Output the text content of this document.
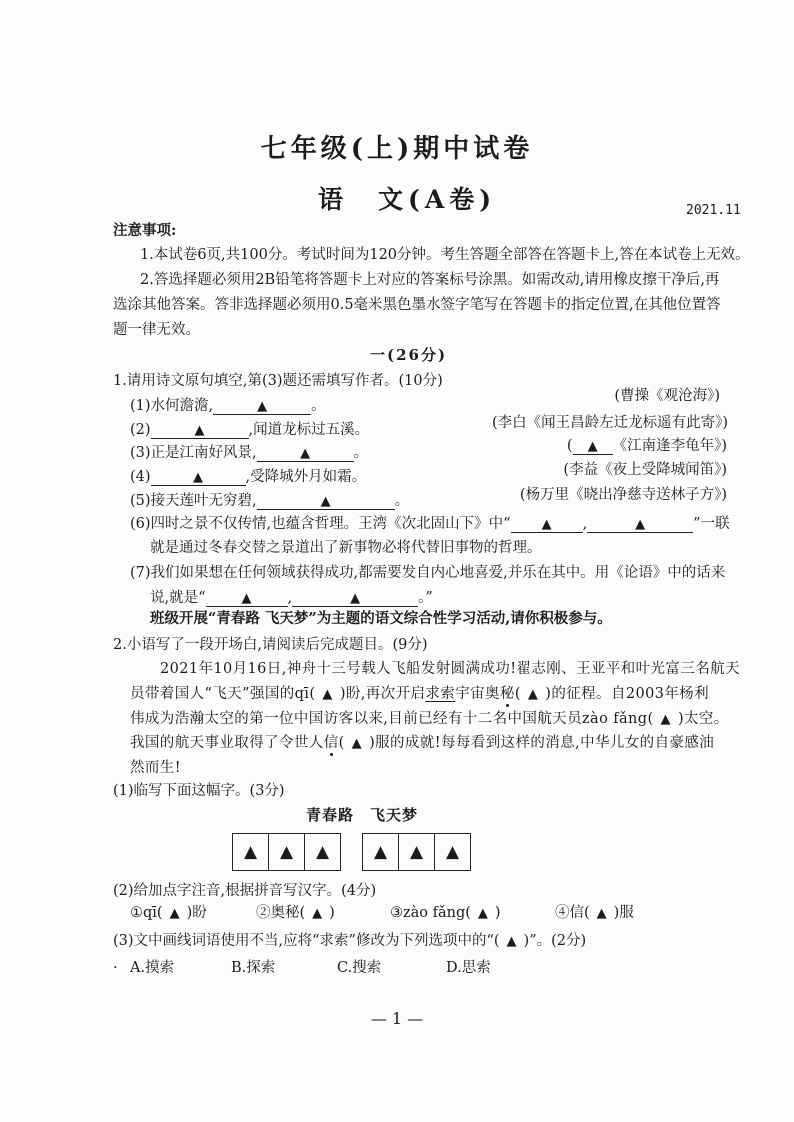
七年级(上)期中试卷
语　文(A卷)	2021.11
注意事项:
1.本试卷6页,共100分。考试时间为120分钟。考生答题全部答在答题卡上,答在本试卷上无效。
2.答选择题必须用2B铅笔将答题卡上对应的答案标号涂黑。如需改动,请用橡皮擦干净后,再
选涂其他答案。答非选择题必须用0.5毫米黑色墨水签字笔写在答题卡的指定位置,在其他位置答
题一律无效。
一(26分)
1.请用诗文原句填空,第(3)题还需填写作者。(10分)
(曹操《观沧海》)
(1)水何澹澹,	▲	。
(李白《闻王昌龄左迁龙标遥有此寄》)
(2)	▲	,闻道龙标过五溪。
( ▲ 《江南逢李龟年》)
(3)正是江南好风景,	▲	。
(李益《夜上受降城闻笛》)
(4)	▲	,受降城外月如霜。
(杨万里《晓出净慈寺送林子方》)
(5)接天莲叶无穷碧,	▲	。
(6)四时之景不仅传情,也蕴含哲理。王湾《次北固山下》中“ ▲ ,	▲	”一联
就是通过冬春交替之景道出了新事物必将代替旧事物的哲理。
(7)我们如果想在任何领域获得成功,都需要发自内心地喜爱,并乐在其中。用《论语》中的话来
说,就是“	▲ ,	▲	。”
班级开展“青春路 飞天梦”为主题的语文综合性学习活动,请你积极参与。
2.小语写了一段开场白,请阅读后完成题目。(9分)
2021年10月16日,神舟十三号载人飞船发射圆满成功!翟志刚、王亚平和叶光富三名航天
员带着国人“飞天”强国的qī( ▲ )盼,再次开启求索宇宙奥秘( ▲ )的征程。自2003年杨利
伟成为浩瀚太空的第一位中国访客以来,目前已经有十二名中国航天员zào fǎng( ▲ )太空。
我国的航天事业取得了令世人信( ▲ )服的成就!每每看到这样的消息,中华儿女的自豪感油
然而生!
(1)临写下面这幅字。(3分)
青春路　飞天梦
▲ ▲ ▲	▲ ▲ ▲
(2)给加点字注音,根据拼音写汉字。(4分)
①qī( ▲ )盼	②奥秘( ▲ )	③zào fǎng( ▲ )	④信( ▲ )服
(3)文中画线词语使用不当,应将“求索”修改为下列选项中的“( ▲ )”。(2分)
· A.摸索	B.探索	C.搜索	D.思索
— 1 —
